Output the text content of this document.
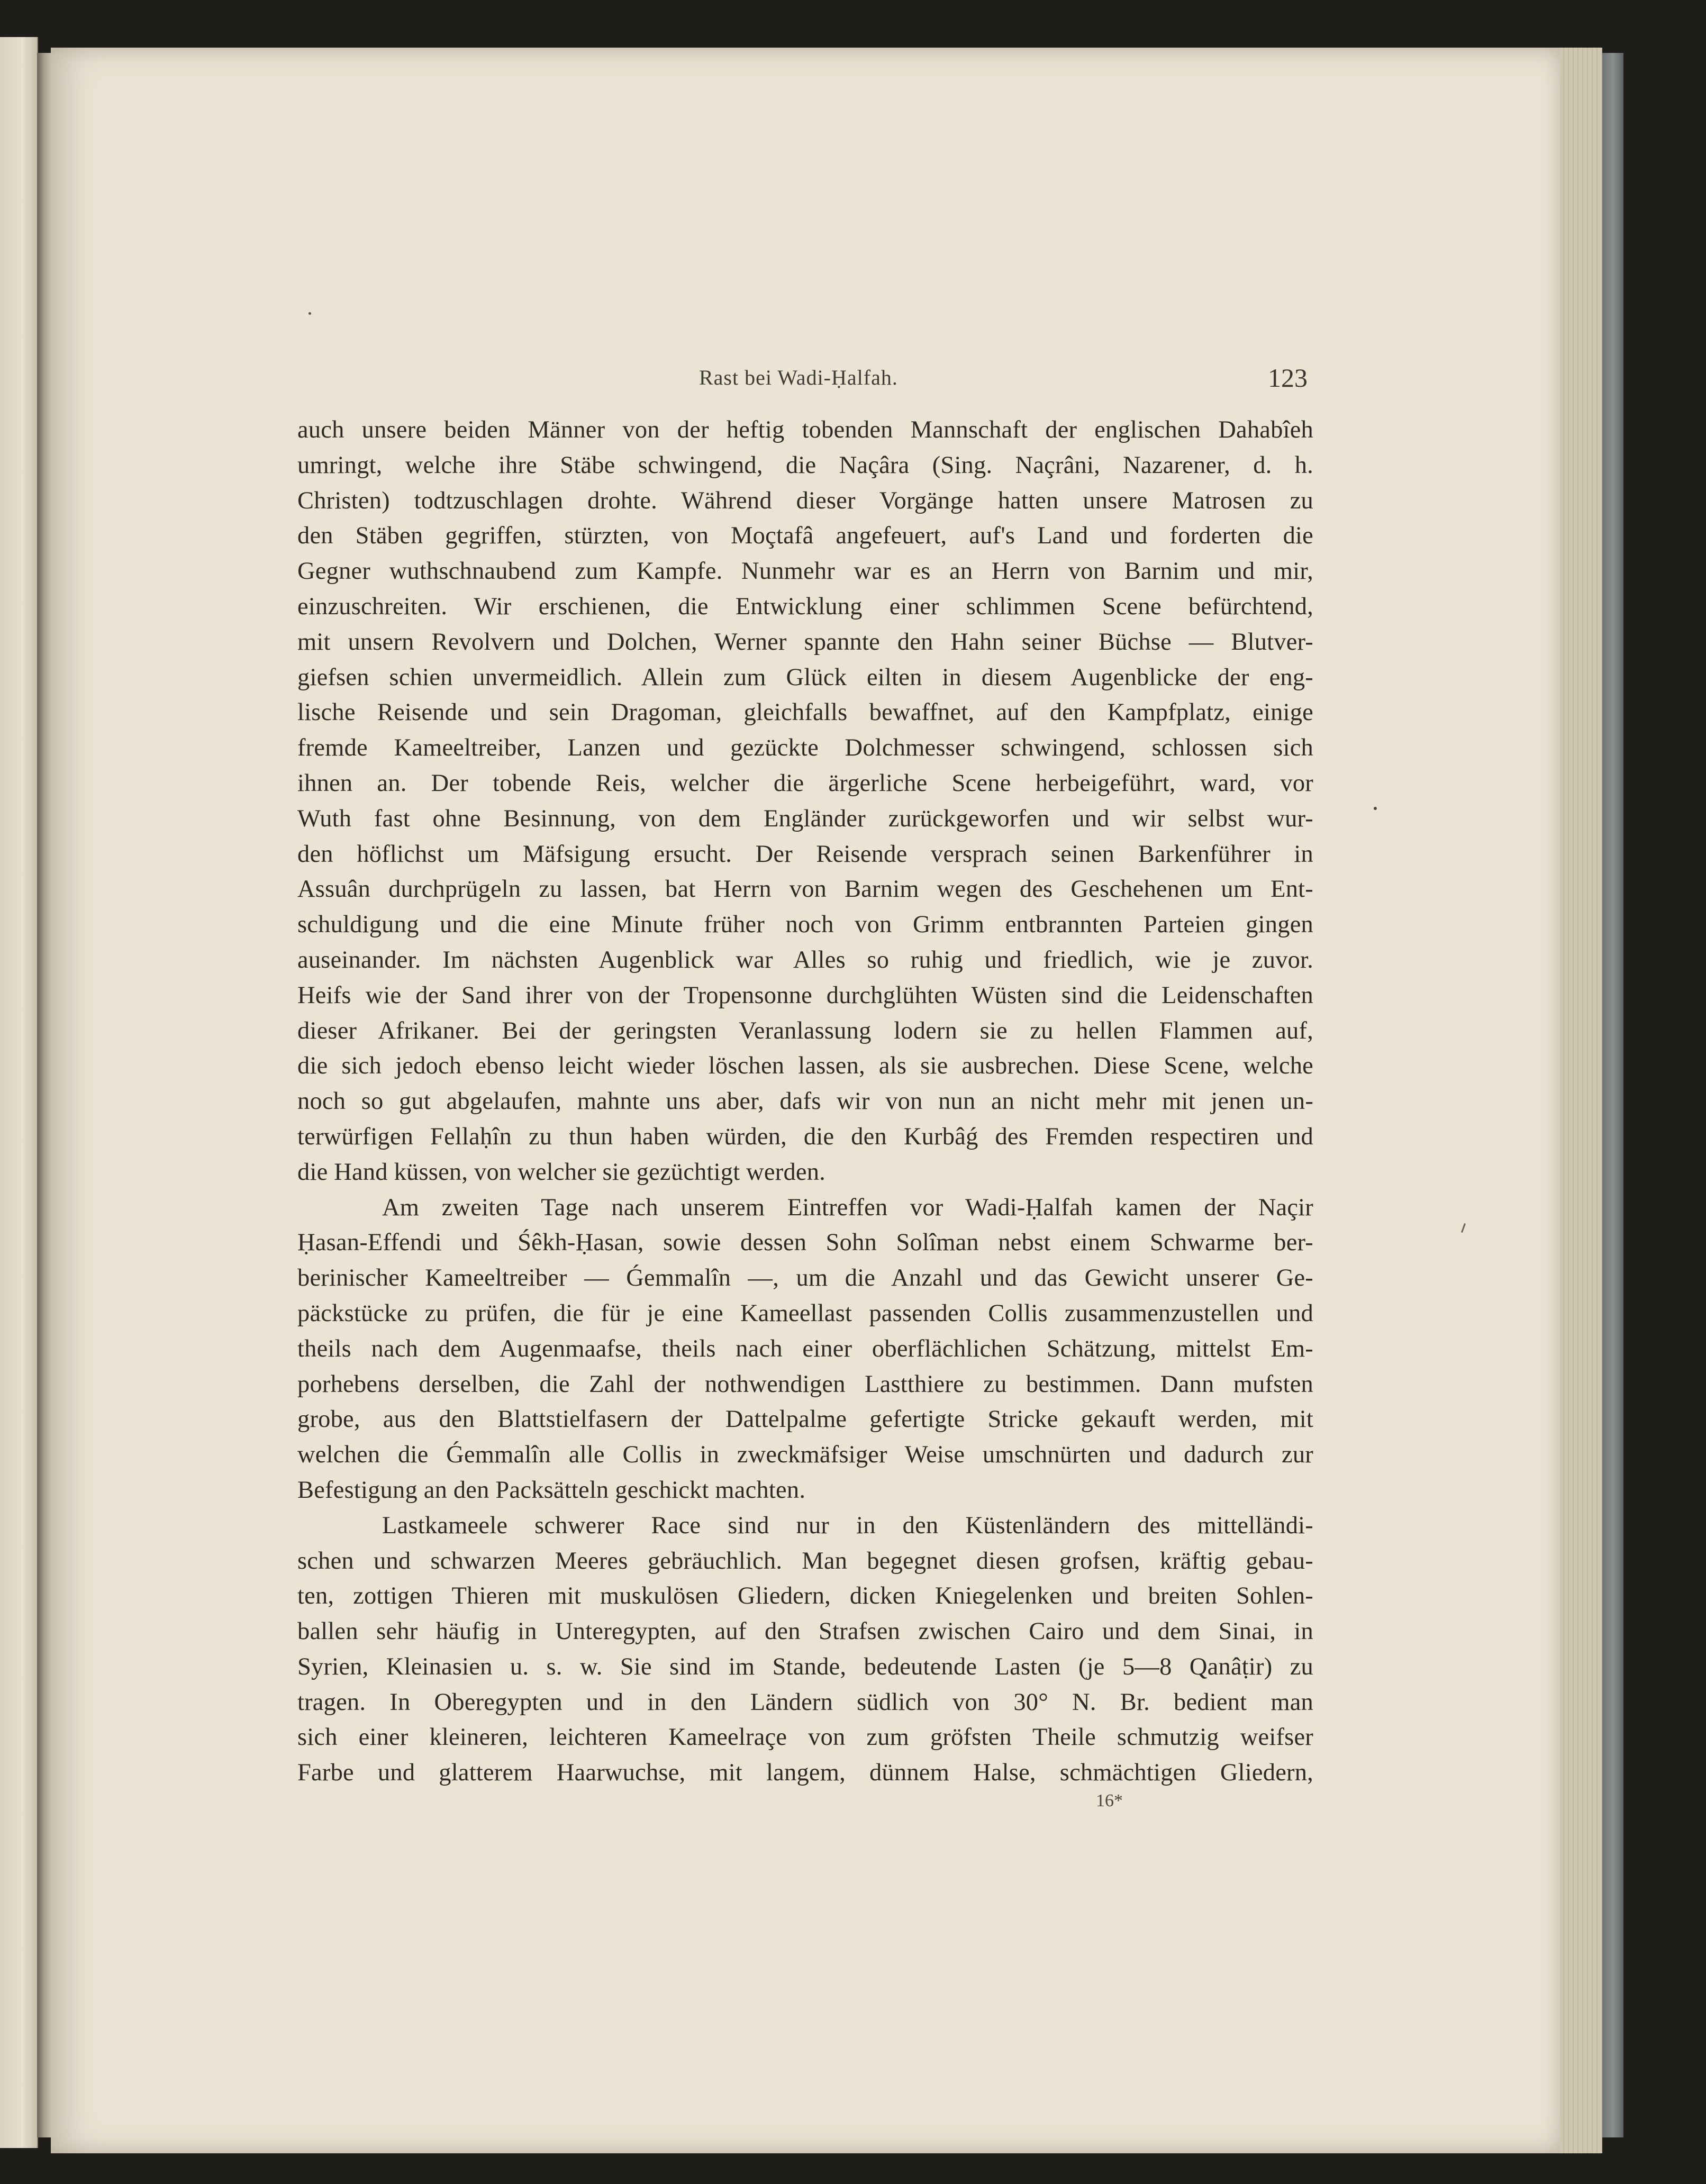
Rast bei Wadi-Ḥalfah.	123
auch unsere beiden Männer von der heftig tobenden Mannschaft der englischen Dahabîeh
umringt, welche ihre Stäbe schwingend, die Naçâra (Sing. Naçrâni, Nazarener, d. h.
Christen) todtzuschlagen drohte. Während dieser Vorgänge hatten unsere Matrosen zu
den Stäben gegriffen, stürzten, von Moçtafâ angefeuert, auf's Land und forderten die
Gegner wuthschnaubend zum Kampfe. Nunmehr war es an Herrn von Barnim und mir,
einzuschreiten. Wir erschienen, die Entwicklung einer schlimmen Scene befürchtend,
mit unsern Revolvern und Dolchen, Werner spannte den Hahn seiner Büchse — Blutver-
giefsen schien unvermeidlich. Allein zum Glück eilten in diesem Augenblicke der eng-
lische Reisende und sein Dragoman, gleichfalls bewaffnet, auf den Kampfplatz, einige
fremde Kameeltreiber, Lanzen und gezückte Dolchmesser schwingend, schlossen sich
ihnen an. Der tobende Reis, welcher die ärgerliche Scene herbeigeführt, ward, vor
Wuth fast ohne Besinnung, von dem Engländer zurückgeworfen und wir selbst wur-
den höflichst um Mäfsigung ersucht. Der Reisende versprach seinen Barkenführer in
Assuân durchprügeln zu lassen, bat Herrn von Barnim wegen des Geschehenen um Ent-
schuldigung und die eine Minute früher noch von Grimm entbrannten Parteien gingen
auseinander. Im nächsten Augenblick war Alles so ruhig und friedlich, wie je zuvor.
Heifs wie der Sand ihrer von der Tropensonne durchglühten Wüsten sind die Leidenschaften
dieser Afrikaner. Bei der geringsten Veranlassung lodern sie zu hellen Flammen auf,
die sich jedoch ebenso leicht wieder löschen lassen, als sie ausbrechen. Diese Scene, welche
noch so gut abgelaufen, mahnte uns aber, dafs wir von nun an nicht mehr mit jenen un-
terwürfigen Fellaḥîn zu thun haben würden, die den Kurbâǵ des Fremden respectiren und
die Hand küssen, von welcher sie gezüchtigt werden.
Am zweiten Tage nach unserem Eintreffen vor Wadi-Ḥalfah kamen der Naçir
Ḥasan-Effendi und Śêkh-Ḥasan, sowie dessen Sohn Solîman nebst einem Schwarme ber-
berinischer Kameeltreiber — Ǵemmalîn —, um die Anzahl und das Gewicht unserer Ge-
päckstücke zu prüfen, die für je eine Kameellast passenden Collis zusammenzustellen und
theils nach dem Augenmaafse, theils nach einer oberflächlichen Schätzung, mittelst Em-
porhebens derselben, die Zahl der nothwendigen Lastthiere zu bestimmen. Dann mufsten
grobe, aus den Blattstielfasern der Dattelpalme gefertigte Stricke gekauft werden, mit
welchen die Ǵemmalîn alle Collis in zweckmäfsiger Weise umschnürten und dadurch zur
Befestigung an den Packsätteln geschickt machten.
Lastkameele schwerer Race sind nur in den Küstenländern des mittelländi-
schen und schwarzen Meeres gebräuchlich. Man begegnet diesen grofsen, kräftig gebau-
ten, zottigen Thieren mit muskulösen Gliedern, dicken Kniegelenken und breiten Sohlen-
ballen sehr häufig in Unteregypten, auf den Strafsen zwischen Cairo und dem Sinai, in
Syrien, Kleinasien u. s. w. Sie sind im Stande, bedeutende Lasten (je 5—8 Qanâṭir) zu
tragen. In Oberegypten und in den Ländern südlich von 30° N. Br. bedient man
sich einer kleineren, leichteren Kameelraçe von zum gröfsten Theile schmutzig weifser
Farbe und glatterem Haarwuchse, mit langem, dünnem Halse, schmächtigen Gliedern,
16*
